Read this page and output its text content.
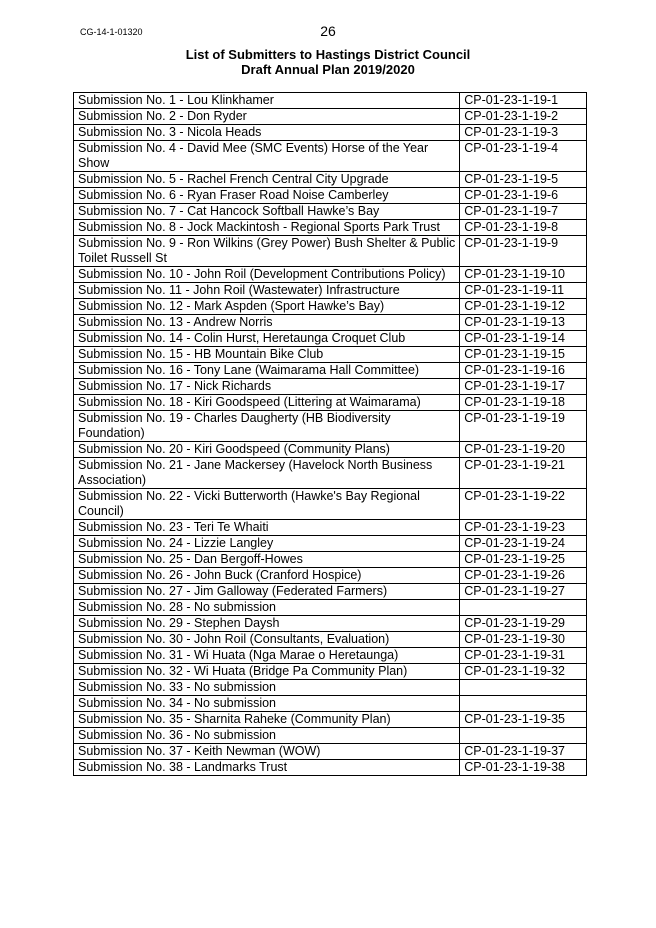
CG-14-1-01320	26
List of Submitters to Hastings District Council
Draft Annual Plan 2019/2020
Submission No. 1 - Lou Klinkhamer	CP-01-23-1-19-1
Submission No. 2 - Don Ryder	CP-01-23-1-19-2
Submission No. 3 - Nicola Heads	CP-01-23-1-19-3
Submission No. 4 - David Mee (SMC Events) Horse of the Year Show	CP-01-23-1-19-4
Submission No. 5 - Rachel French Central City Upgrade	CP-01-23-1-19-5
Submission No. 6 - Ryan Fraser Road Noise Camberley	CP-01-23-1-19-6
Submission No. 7 - Cat Hancock Softball Hawke’s Bay	CP-01-23-1-19-7
Submission No. 8 - Jock Mackintosh - Regional Sports Park Trust	CP-01-23-1-19-8
Submission No. 9 - Ron Wilkins (Grey Power) Bush Shelter & Public Toilet Russell St	CP-01-23-1-19-9
Submission No. 10 - John Roil (Development Contributions Policy)	CP-01-23-1-19-10
Submission No. 11 - John Roil (Wastewater) Infrastructure	CP-01-23-1-19-11
Submission No. 12 - Mark Aspden (Sport Hawke’s Bay)	CP-01-23-1-19-12
Submission No. 13 - Andrew Norris	CP-01-23-1-19-13
Submission No. 14 - Colin Hurst, Heretaunga Croquet Club	CP-01-23-1-19-14
Submission No. 15 - HB Mountain Bike Club	CP-01-23-1-19-15
Submission No. 16 - Tony Lane (Waimarama Hall Committee)	CP-01-23-1-19-16
Submission No. 17 - Nick Richards	CP-01-23-1-19-17
Submission No. 18 - Kiri Goodspeed (Littering at Waimarama)	CP-01-23-1-19-18
Submission No. 19 - Charles Daugherty (HB Biodiversity Foundation)	CP-01-23-1-19-19
Submission No. 20 - Kiri Goodspeed (Community Plans)	CP-01-23-1-19-20
Submission No. 21 - Jane Mackersey (Havelock North Business Association)	CP-01-23-1-19-21
Submission No. 22 - Vicki Butterworth (Hawke's Bay Regional Council)	CP-01-23-1-19-22
Submission No. 23 - Teri Te Whaiti	CP-01-23-1-19-23
Submission No. 24 - Lizzie Langley	CP-01-23-1-19-24
Submission No. 25 - Dan Bergoff-Howes	CP-01-23-1-19-25
Submission No. 26 - John Buck (Cranford Hospice)	CP-01-23-1-19-26
Submission No. 27 - Jim Galloway (Federated Farmers)	CP-01-23-1-19-27
Submission No. 28 - No submission	
Submission No. 29 - Stephen Daysh	CP-01-23-1-19-29
Submission No. 30 - John Roil (Consultants, Evaluation)	CP-01-23-1-19-30
Submission No. 31 - Wi Huata (Nga Marae o Heretaunga)	CP-01-23-1-19-31
Submission No. 32 - Wi Huata (Bridge Pa Community Plan)	CP-01-23-1-19-32
Submission No. 33 - No submission	
Submission No. 34 - No submission	
Submission No. 35 - Sharnita Raheke (Community Plan)	CP-01-23-1-19-35
Submission No. 36 - No submission	
Submission No. 37 - Keith Newman (WOW)	CP-01-23-1-19-37
Submission No. 38 - Landmarks Trust	CP-01-23-1-19-38
